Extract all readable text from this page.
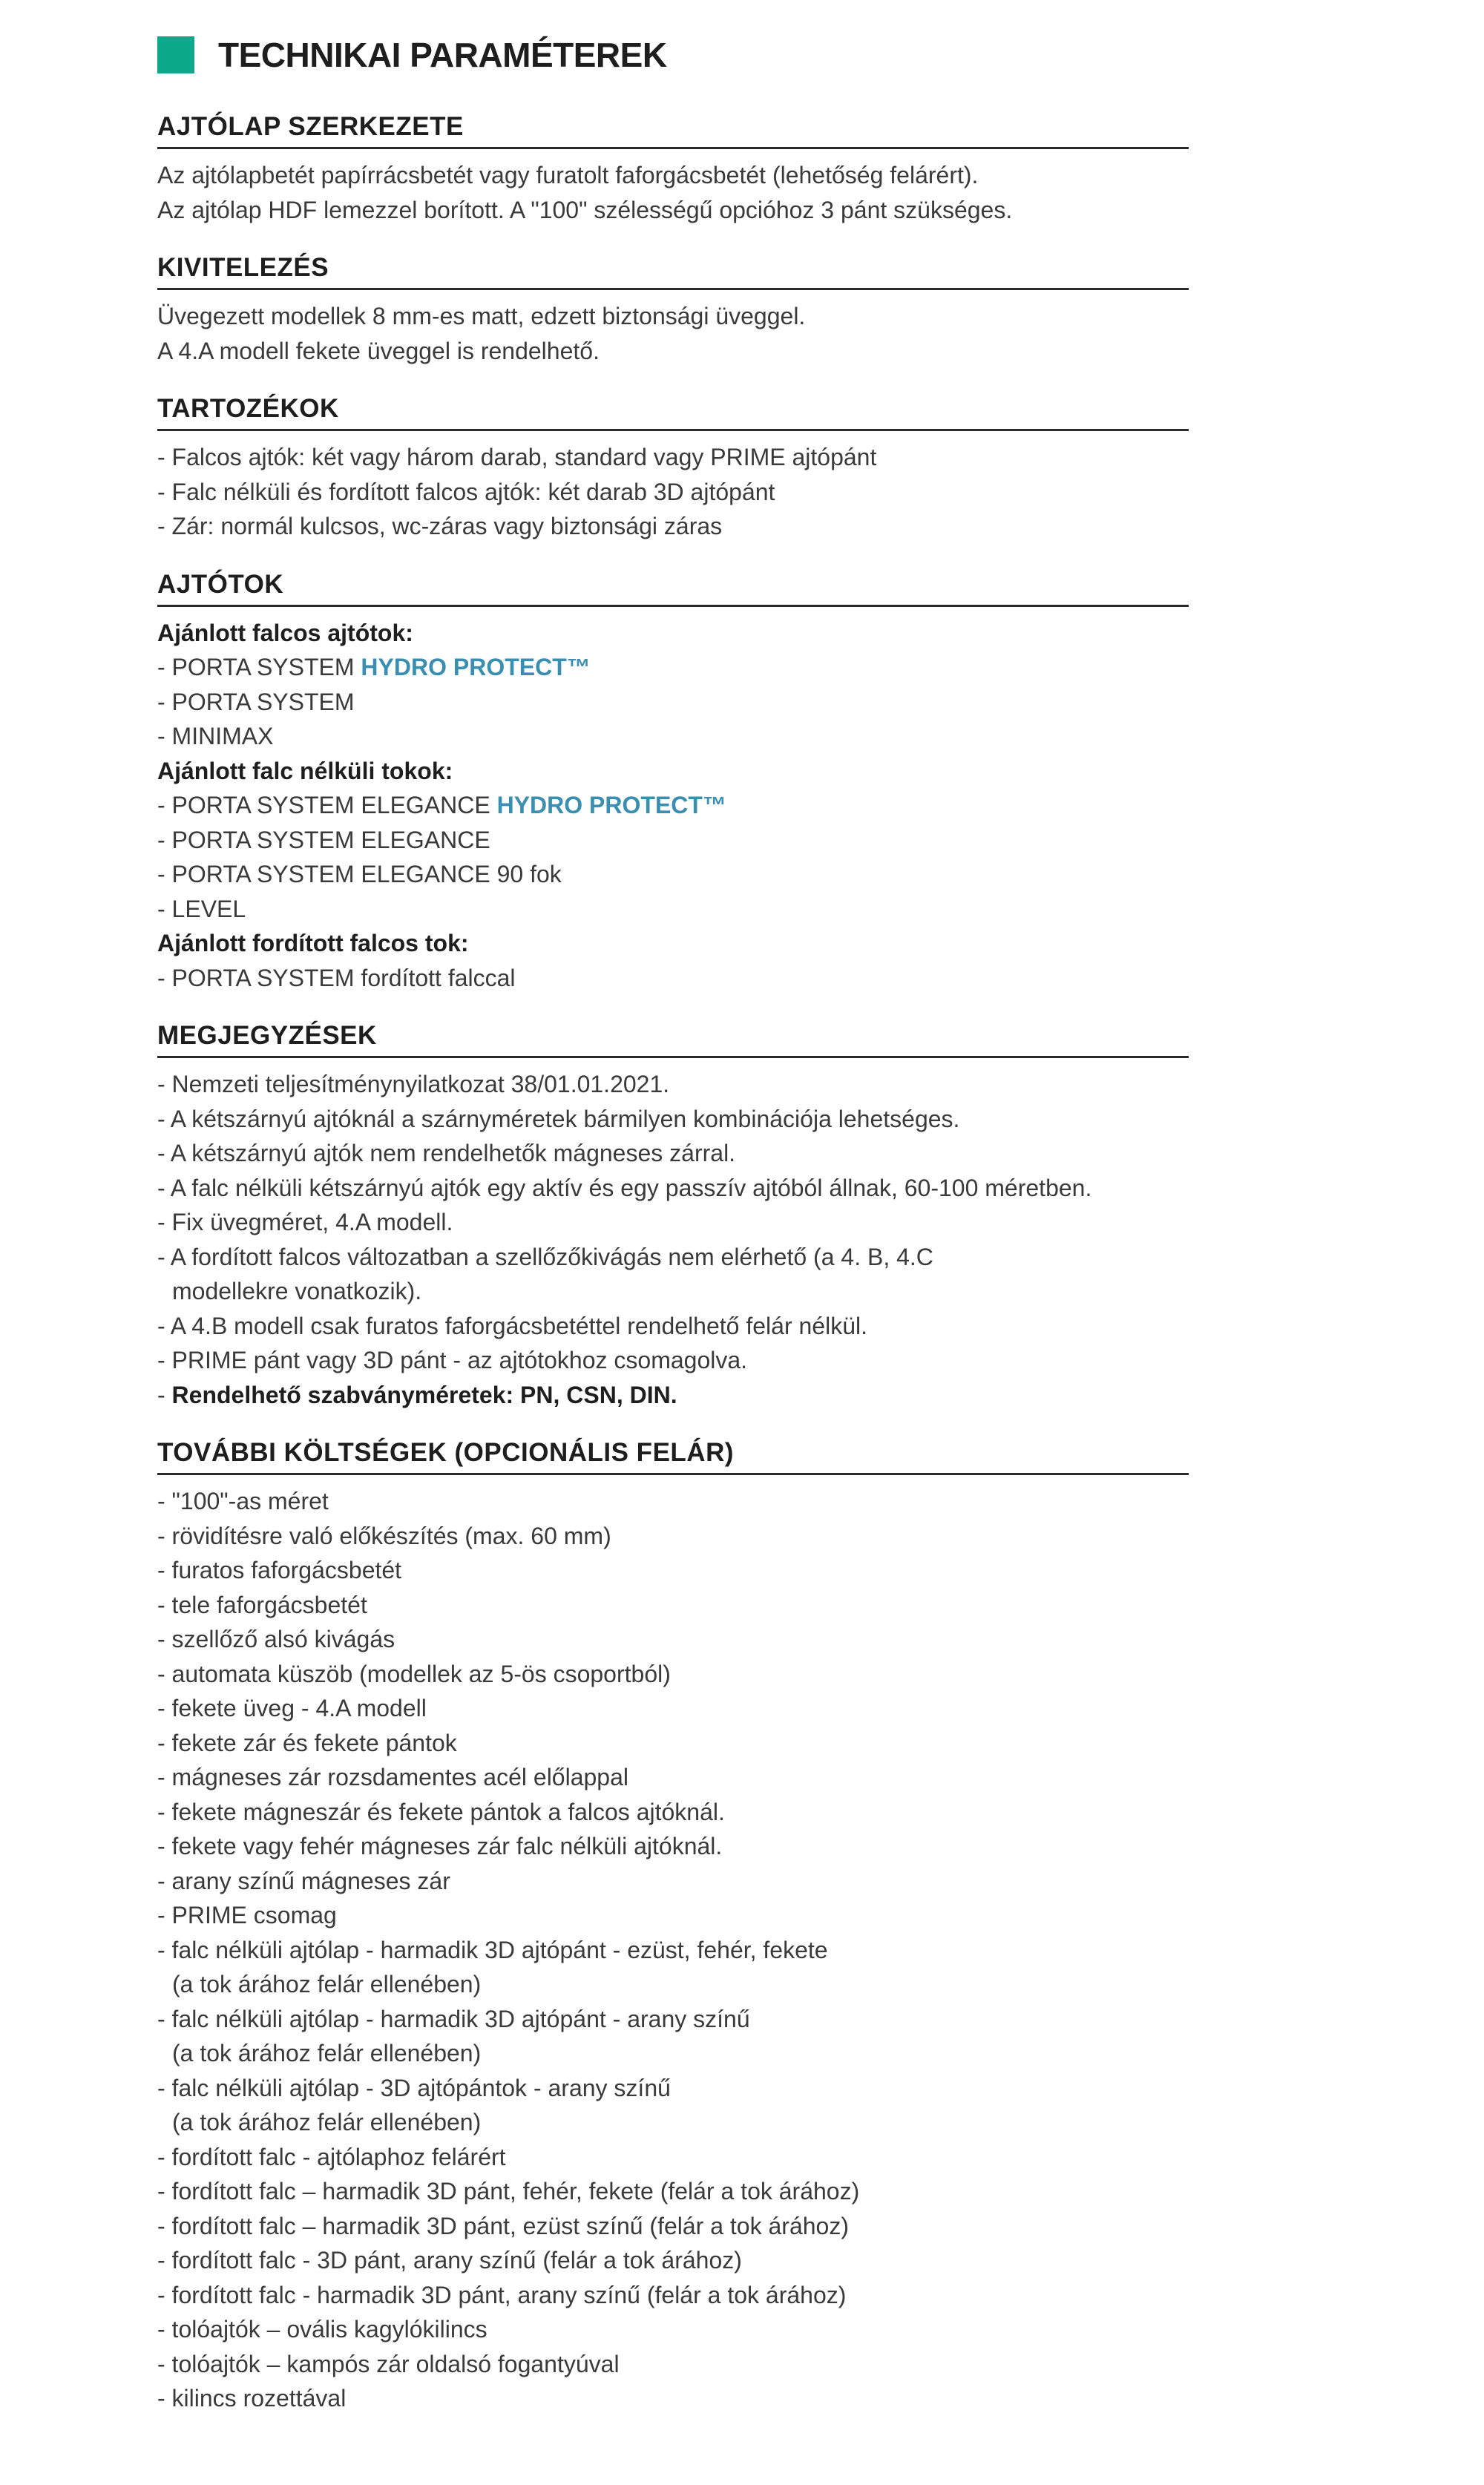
TECHNIKAI PARAMÉTEREK
AJTÓLAP SZERKEZETE
Az ajtólapbetét papírrácsbetét vagy furatolt faforgácsbetét (lehetőség felárért).
Az ajtólap HDF lemezzel borított. A "100" szélességű opcióhoz 3 pánt szükséges.
KIVITELEZÉS
Üvegezett modellek 8 mm-es matt, edzett biztonsági üveggel.
A 4.A modell fekete üveggel is rendelhető.
TARTOZÉKOK
- Falcos ajtók: két vagy három darab, standard vagy PRIME ajtópánt
- Falc nélküli és fordított falcos ajtók: két darab 3D ajtópánt
- Zár: normál kulcsos, wc-záras vagy biztonsági záras
AJTÓTOK
Ajánlott falcos ajtótok:
- PORTA SYSTEM HYDRO PROTECT™
- PORTA SYSTEM
- MINIMAX
Ajánlott falc nélküli tokok:
- PORTA SYSTEM ELEGANCE HYDRO PROTECT™
- PORTA SYSTEM ELEGANCE
- PORTA SYSTEM ELEGANCE 90 fok
- LEVEL
Ajánlott fordított falcos tok:
- PORTA SYSTEM fordított falccal
MEGJEGYZÉSEK
- Nemzeti teljesítménynyilatkozat 38/01.01.2021.
- A kétszárnyú ajtóknál a szárnyméretek bármilyen kombinációja lehetséges.
- A kétszárnyú ajtók nem rendelhetők mágneses zárral.
- A falc nélküli kétszárnyú ajtók egy aktív és egy passzív ajtóból állnak, 60-100 méretben.
- Fix üvegméret, 4.A modell.
- A fordított falcos változatban a szellőzőkivágás nem elérhető (a 4. B, 4.C
modellekre vonatkozik).
- A 4.B modell csak furatos faforgácsbetéttel rendelhető felár nélkül.
- PRIME pánt vagy 3D pánt - az ajtótokhoz csomagolva.
- Rendelhető szabványméretek: PN, CSN, DIN.
TOVÁBBI KÖLTSÉGEK (OPCIONÁLIS FELÁR)
- "100"-as méret
- rövidítésre való előkészítés (max. 60 mm)
- furatos faforgácsbetét
- tele faforgácsbetét
- szellőző alsó kivágás
- automata küszöb (modellek az 5-ös csoportból)
- fekete üveg - 4.A modell
- fekete zár és fekete pántok
- mágneses zár rozsdamentes acél előlappal
- fekete mágneszár és fekete pántok a falcos ajtóknál.
- fekete vagy fehér mágneses zár falc nélküli ajtóknál.
- arany színű mágneses zár
- PRIME csomag
- falc nélküli ajtólap - harmadik 3D ajtópánt - ezüst, fehér, fekete
(a tok árához felár ellenében)
- falc nélküli ajtólap - harmadik 3D ajtópánt - arany színű
(a tok árához felár ellenében)
- falc nélküli ajtólap - 3D ajtópántok - arany színű
(a tok árához felár ellenében)
- fordított falc - ajtólaphoz felárért
- fordított falc – harmadik 3D pánt, fehér, fekete (felár a tok árához)
- fordított falc – harmadik 3D pánt, ezüst színű (felár a tok árához)
- fordított falc - 3D pánt, arany színű (felár a tok árához)
- fordított falc - harmadik 3D pánt, arany színű (felár a tok árához)
- tolóajtók – ovális kagylókilincs
- tolóajtók – kampós zár oldalsó fogantyúval
- kilincs rozettával
